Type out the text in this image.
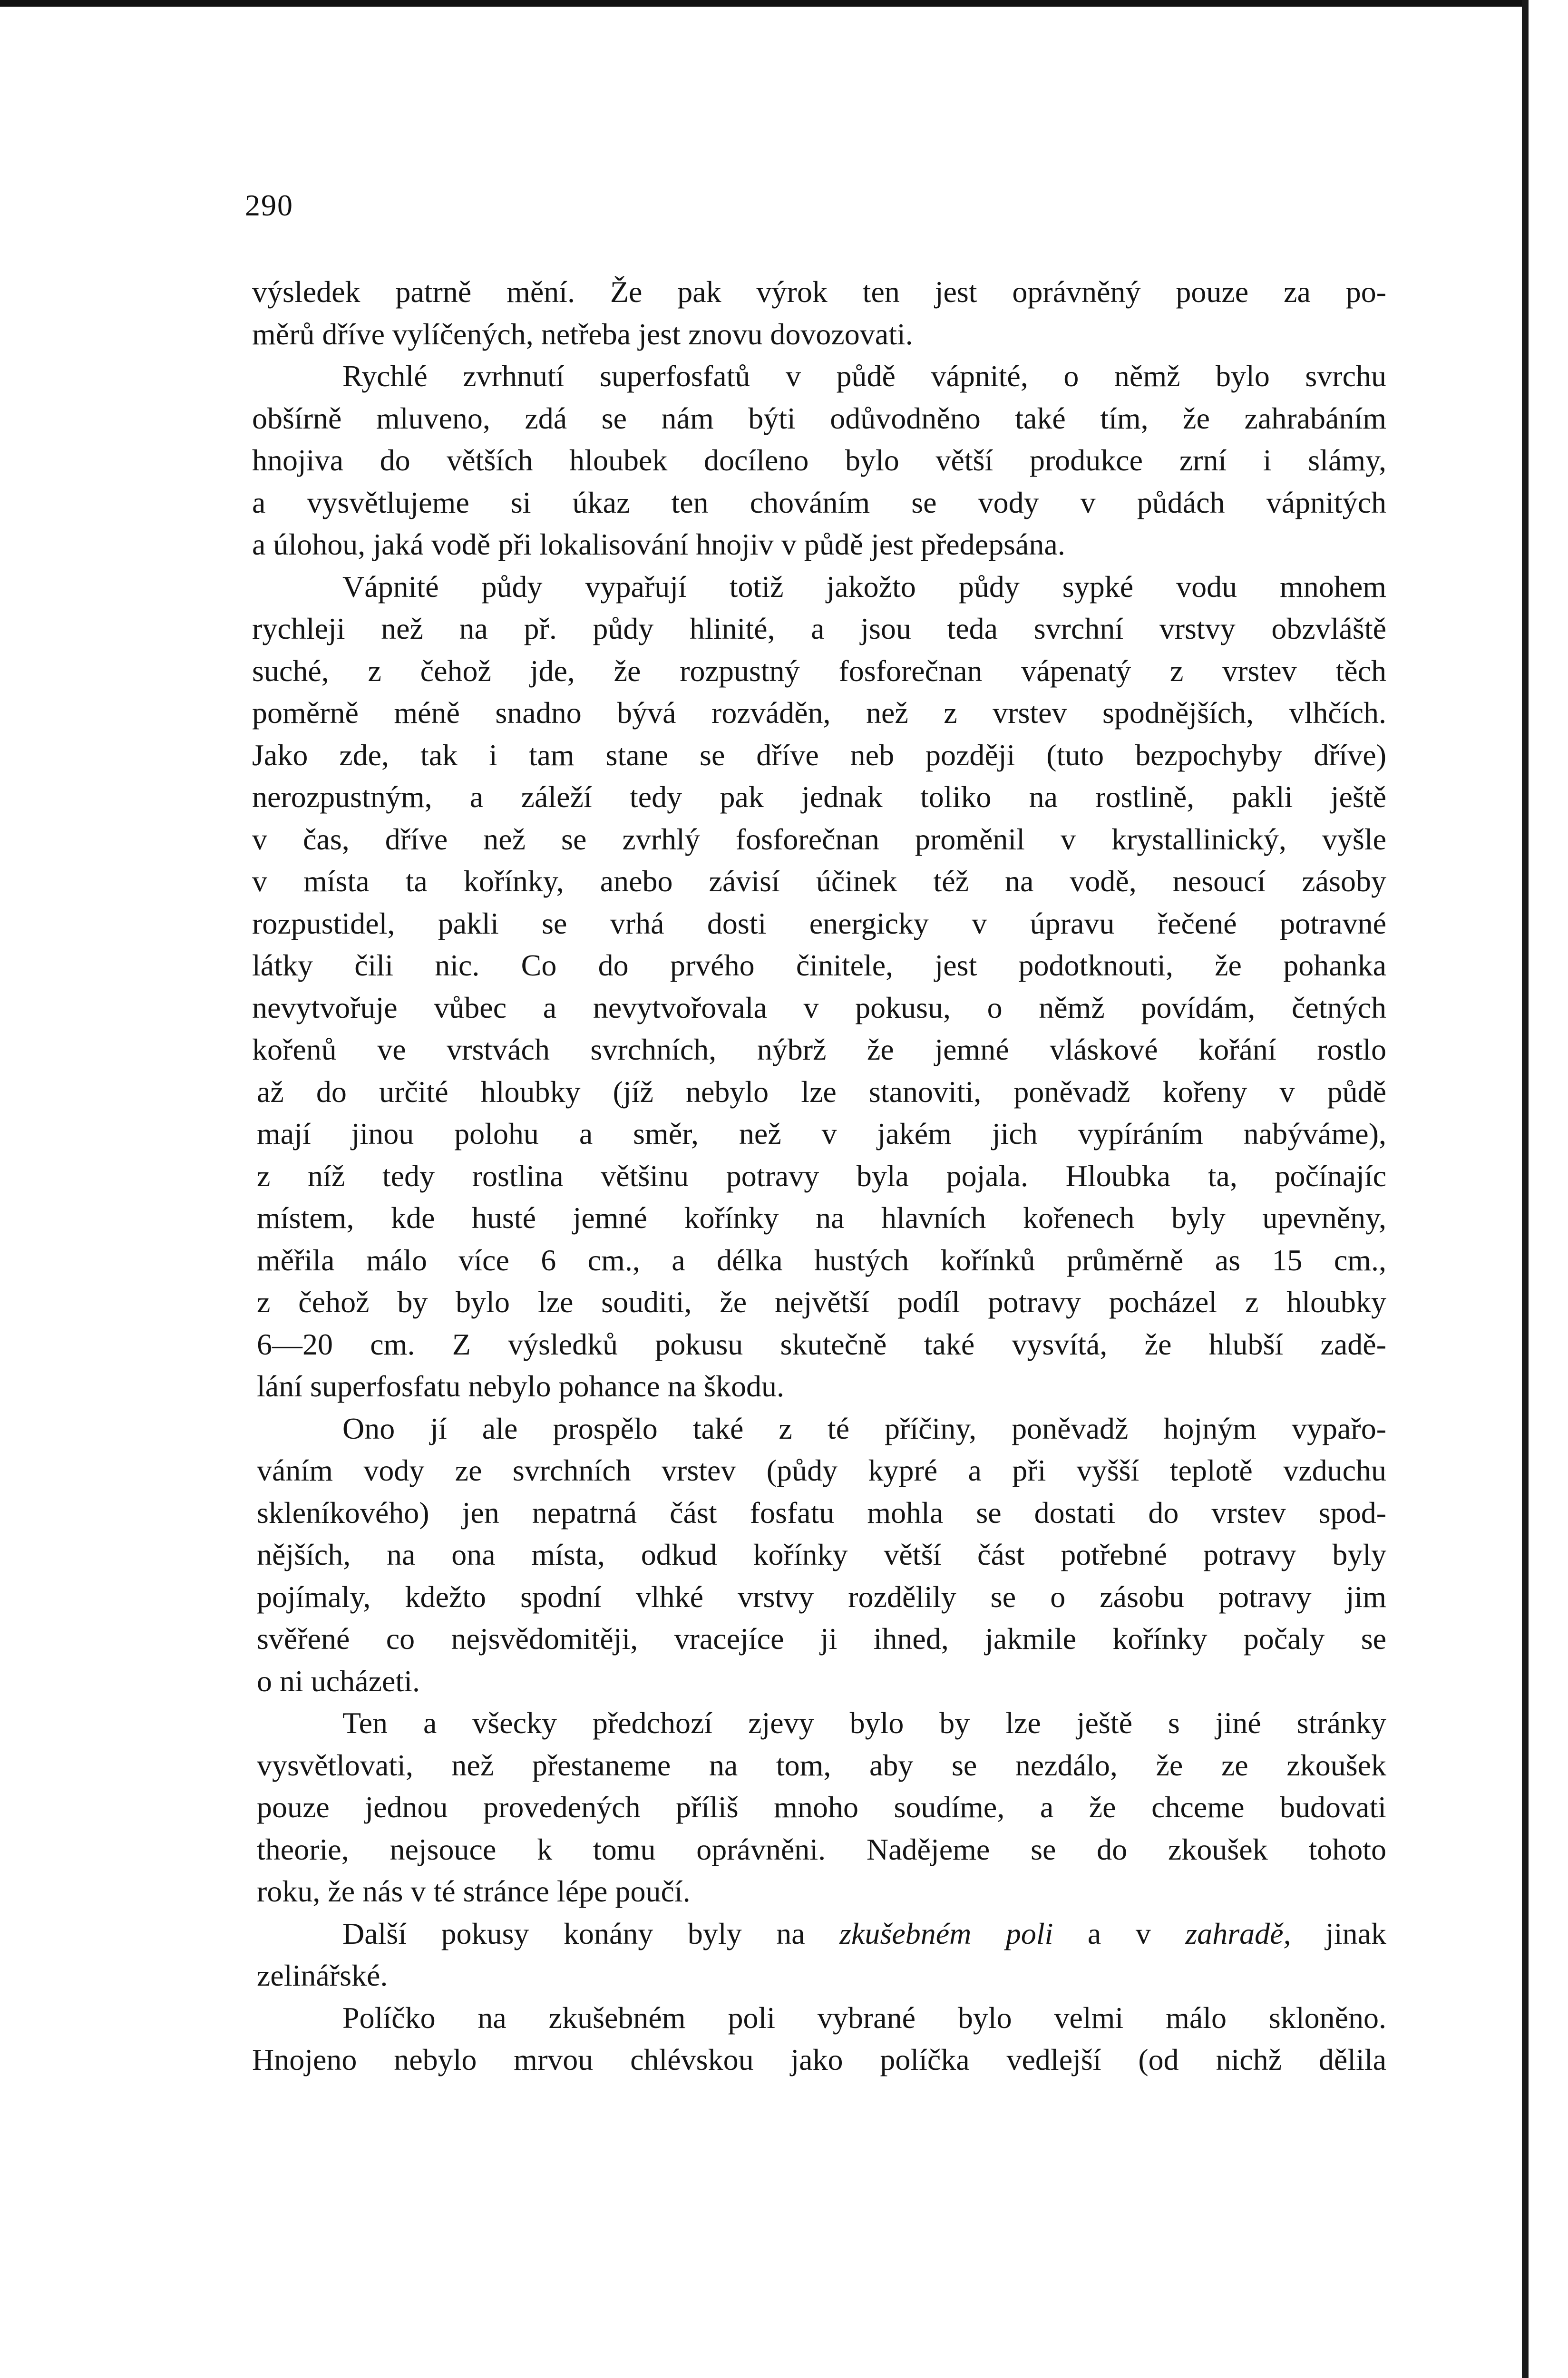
290
výsledek patrně mění. Že pak výrok ten jest oprávněný pouze za po-
měrů dříve vylíčených, netřeba jest znovu dovozovati.
Rychlé zvrhnutí superfosfatů v půdě vápnité, o němž bylo svrchu
obšírně mluveno, zdá se nám býti odůvodněno také tím, že zahrabáním
hnojiva do větších hloubek docíleno bylo větší produkce zrní i slámy,
a vysvětlujeme si úkaz ten chováním se vody v půdách vápnitých
a úlohou, jaká vodě při lokalisování hnojiv v půdě jest předepsána.
Vápnité půdy vypařují totiž jakožto půdy sypké vodu mnohem
rychleji než na př. půdy hlinité, a jsou teda svrchní vrstvy obzvláště
suché, z čehož jde, že rozpustný fosforečnan vápenatý z vrstev těch
poměrně méně snadno bývá rozváděn, než z vrstev spodnějších, vlhčích.
Jako zde, tak i tam stane se dříve neb později (tuto bezpochyby dříve)
nerozpustným, a záleží tedy pak jednak toliko na rostlině, pakli ještě
v čas, dříve než se zvrhlý fosforečnan proměnil v krystallinický, vyšle
v místa ta kořínky, anebo závisí účinek též na vodě, nesoucí zásoby
rozpustidel, pakli se vrhá dosti energicky v úpravu řečené potravné
látky čili nic. Co do prvého činitele, jest podotknouti, že pohanka
nevytvořuje vůbec a nevytvořovala v pokusu, o němž povídám, četných
kořenů ve vrstvách svrchních, nýbrž že jemné vláskové kořání rostlo
až do určité hloubky (jíž nebylo lze stanoviti, poněvadž kořeny v půdě
mají jinou polohu a směr, než v jakém jich vypíráním nabýváme),
z níž tedy rostlina většinu potravy byla pojala. Hloubka ta, počínajíc
místem, kde husté jemné kořínky na hlavních kořenech byly upevněny,
měřila málo více 6 cm., a délka hustých kořínků průměrně as 15 cm.,
z čehož by bylo lze souditi, že největší podíl potravy pocházel z hloubky
6—20 cm. Z výsledků pokusu skutečně také vysvítá, že hlubší zadě-
lání superfosfatu nebylo pohance na škodu.
Ono jí ale prospělo také z té příčiny, poněvadž hojným vypařo-
váním vody ze svrchních vrstev (půdy kypré a při vyšší teplotě vzduchu
skleníkového) jen nepatrná část fosfatu mohla se dostati do vrstev spod-
nějších, na ona místa, odkud kořínky větší část potřebné potravy byly
pojímaly, kdežto spodní vlhké vrstvy rozdělily se o zásobu potravy jim
svěřené co nejsvědomitěji, vracejíce ji ihned, jakmile kořínky počaly se
o ni ucházeti.
Ten a všecky předchozí zjevy bylo by lze ještě s jiné stránky
vysvětlovati, než přestaneme na tom, aby se nezdálo, že ze zkoušek
pouze jednou provedených příliš mnoho soudíme, a že chceme budovati
theorie, nejsouce k tomu oprávněni. Nadějeme se do zkoušek tohoto
roku, že nás v té stránce lépe poučí.
Další pokusy konány byly na zkušebném poli a v zahradě, jinak
zelinářské.
Políčko na zkušebném poli vybrané bylo velmi málo skloněno.
Hnojeno nebylo mrvou chlévskou jako políčka vedlejší (od nichž dělila
